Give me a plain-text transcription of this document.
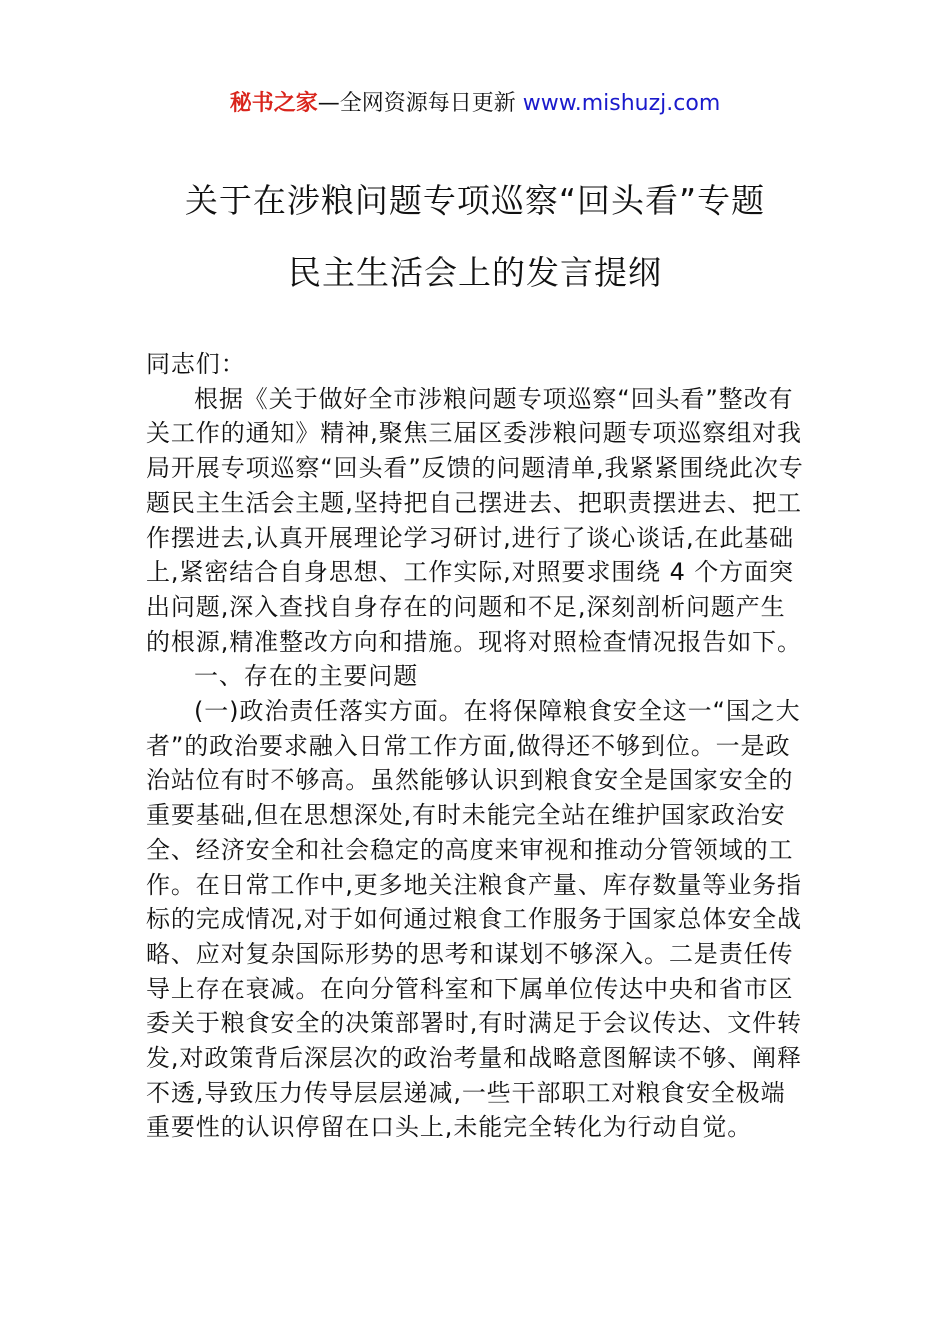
秘书之家—全网资源每日更新 www.mishuzj.com
关于在涉粮问题专项巡察“回头看”专题
民主生活会上的发言提纲

同志们：

根据《关于做好全市涉粮问题专项巡察“回头看”整改有关工作的通知》精神,聚焦三届区委涉粮问题专项巡察组对我局开展专项巡察“回头看”反馈的问题清单,我紧紧围绕此次专题民主生活会主题,坚持把自己摆进去、把职责摆进去、把工作摆进去,认真开展理论学习研讨,进行了谈心谈话,在此基础上,紧密结合自身思想、工作实际,对照要求围绕 4 个方面突出问题,深入查找自身存在的问题和不足,深刻剖析问题产生的根源,精准整改方向和措施。现将对照检查情况报告如下。

一、存在的主要问题

(一)政治责任落实方面。在将保障粮食安全这一“国之大者”的政治要求融入日常工作方面,做得还不够到位。一是政治站位有时不够高。虽然能够认识到粮食安全是国家安全的重要基础,但在思想深处,有时未能完全站在维护国家政治安全、经济安全和社会稳定的高度来审视和推动分管领域的工作。在日常工作中,更多地关注粮食产量、库存数量等业务指标的完成情况,对于如何通过粮食工作服务于国家总体安全战略、应对复杂国际形势的思考和谋划不够深入。二是责任传导上存在衰减。在向分管科室和下属单位传达中央和省市区委关于粮食安全的决策部署时,有时满足于会议传达、文件转发,对政策背后深层次的政治考量和战略意图解读不够、阐释不透,导致压力传导层层递减,一些干部职工对粮食安全极端重要性的认识停留在口头上,未能完全转化为行动自觉。
